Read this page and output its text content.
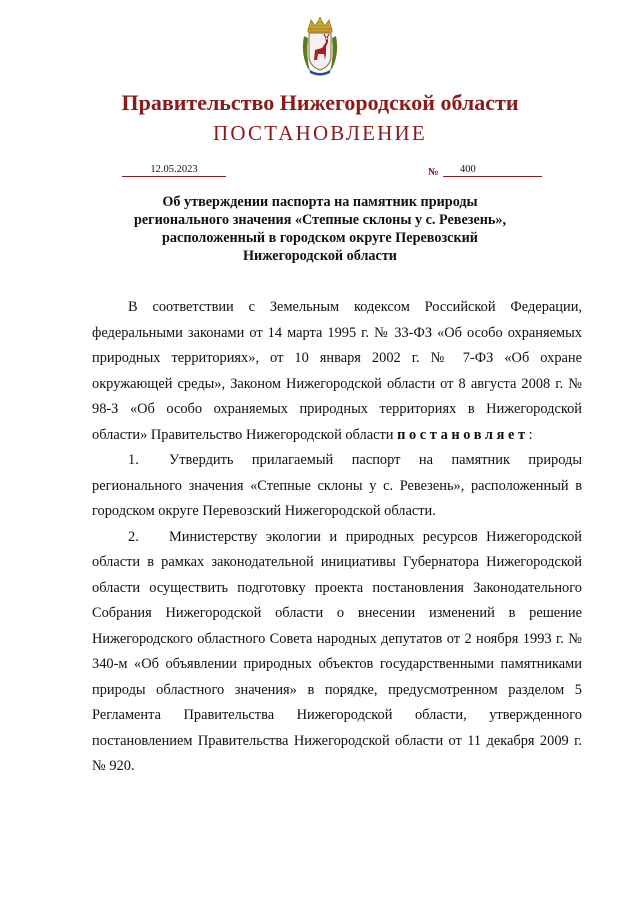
Правительство Нижегородской области
ПОСТАНОВЛЕНИЕ
12.05.2023	№	400
Об утверждении паспорта на памятник природы
регионального значения «Степные склоны у с. Ревезень»,
расположенный в городском округе Перевозский
Нижегородской области

В соответствии с Земельным кодексом Российской Федерации, федеральными законами от 14 марта 1995 г. № 33-ФЗ «Об особо охраняемых природных территориях», от 10 января 2002 г. № 7-ФЗ «Об охране окружающей среды», Законом Нижегородской области от 8 августа 2008 г. № 98-З «Об особо охраняемых природных территориях в Нижегородской области» Правительство Нижегородской области постановляет:

1. Утвердить прилагаемый паспорт на памятник природы регионального значения «Степные склоны у с. Ревезень», расположенный в городском округе Перевозский Нижегородской области.

2. Министерству экологии и природных ресурсов Нижегородской области в рамках законодательной инициативы Губернатора Нижегородской области осуществить подготовку проекта постановления Законодательного Собрания Нижегородской области о внесении изменений в решение Нижегородского областного Совета народных депутатов от 2 ноября 1993 г. № 340-м «Об объявлении природных объектов государственными памятниками природы областного значения» в порядке, предусмотренном разделом 5 Регламента Правительства Нижегородской области, утвержденного постановлением Правительства Нижегородской области от 11 декабря 2009 г. № 920.
